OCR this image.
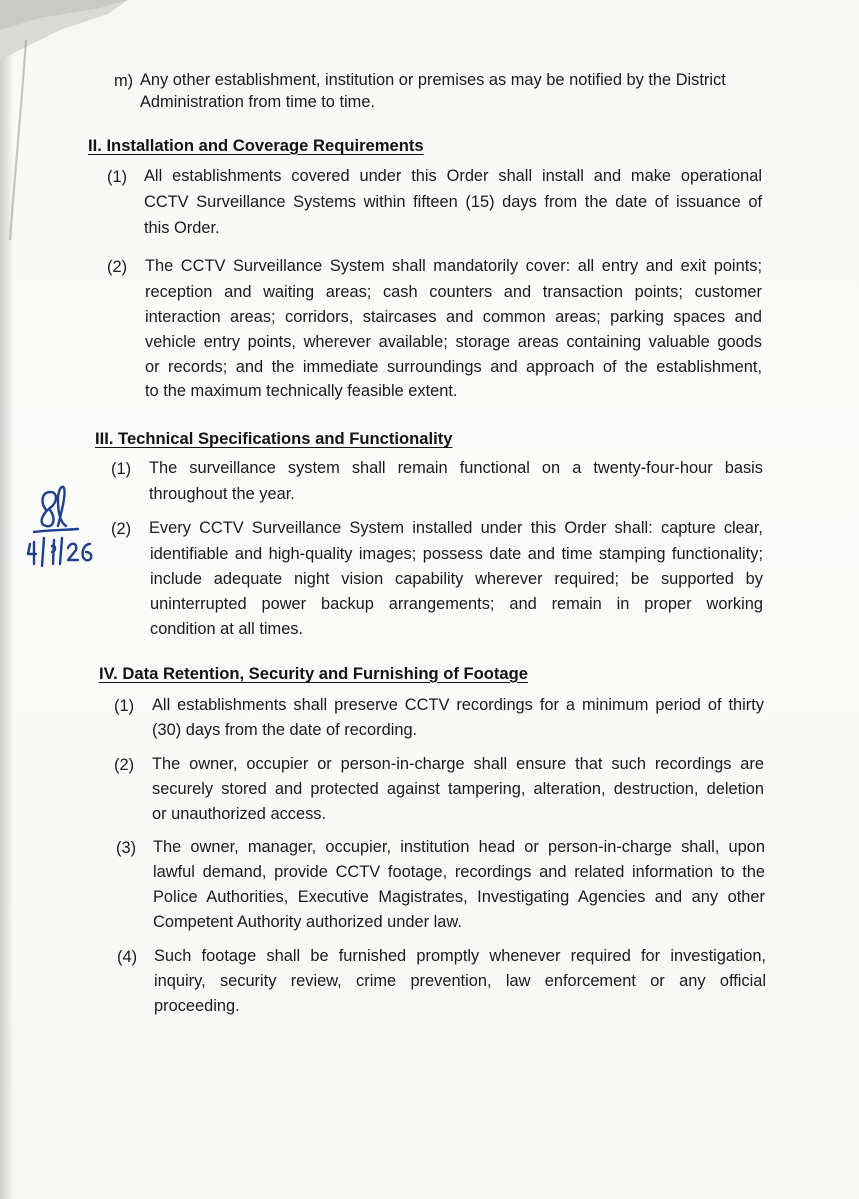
m) Any other establishment, institution or premises as may be notified by the District
Administration from time to time.
II. Installation and Coverage Requirements
(1) All establishments covered under this Order shall install and make operational
CCTV Surveillance Systems within fifteen (15) days from the date of issuance of
this Order.
(2) The CCTV Surveillance System shall mandatorily cover: all entry and exit points;
reception and waiting areas; cash counters and transaction points; customer
interaction areas; corridors, staircases and common areas; parking spaces and
vehicle entry points, wherever available; storage areas containing valuable goods
or records; and the immediate surroundings and approach of the establishment,
to the maximum technically feasible extent.
III. Technical Specifications and Functionality
(1) The surveillance system shall remain functional on a twenty-four-hour basis
throughout the year.
(2) Every CCTV Surveillance System installed under this Order shall: capture clear,
identifiable and high-quality images; possess date and time stamping functionality;
include adequate night vision capability wherever required; be supported by
uninterrupted power backup arrangements; and remain in proper working
condition at all times.
IV. Data Retention, Security and Furnishing of Footage
(1) All establishments shall preserve CCTV recordings for a minimum period of thirty
(30) days from the date of recording.
(2) The owner, occupier or person-in-charge shall ensure that such recordings are
securely stored and protected against tampering, alteration, destruction, deletion
or unauthorized access.
(3) The owner, manager, occupier, institution head or person-in-charge shall, upon
lawful demand, provide CCTV footage, recordings and related information to the
Police Authorities, Executive Magistrates, Investigating Agencies and any other
Competent Authority authorized under law.
(4) Such footage shall be furnished promptly whenever required for investigation,
inquiry, security review, crime prevention, law enforcement or any official
proceeding.
